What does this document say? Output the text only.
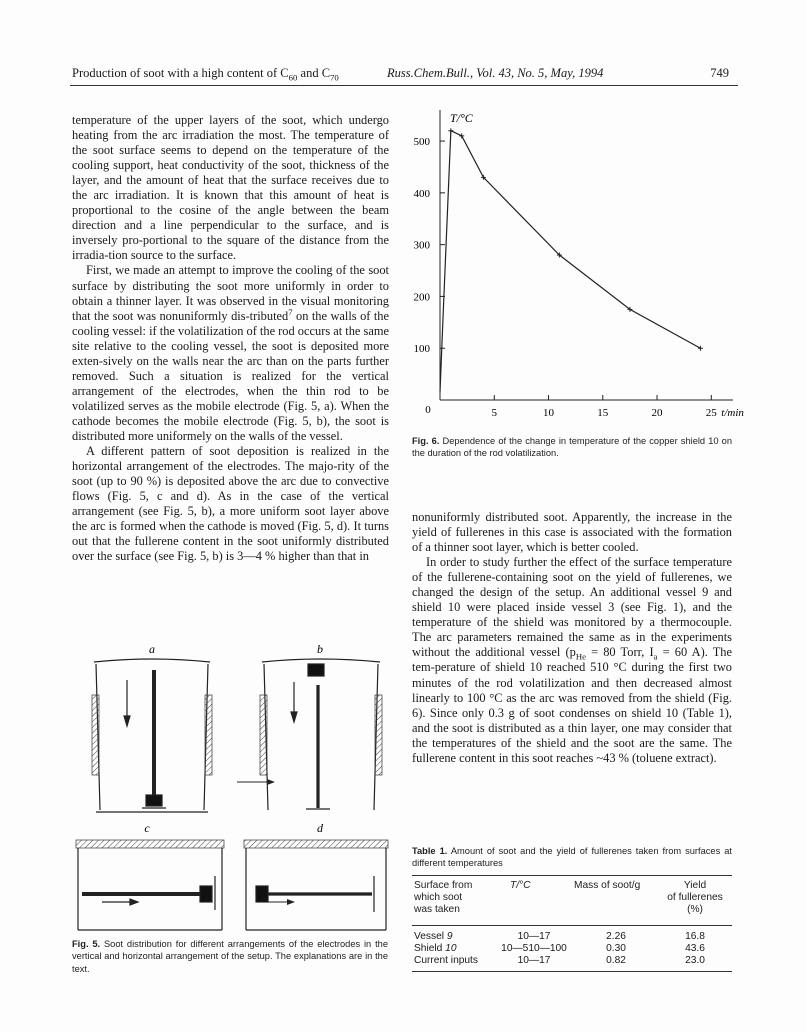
Production of soot with a high content of $C_{60}$ and $C_{70}$	Russ.Chem.Bull., Vol. 43, No. 5, May, 1994	749

temperature of the upper layers of the soot, which undergo heating from the arc irradiation the most. The temperature of the soot surface seems to depend on the temperature of the cooling support, heat conductivity of the soot, thickness of the layer, and the amount of heat that the surface receives due to the arc irradiation. It is known that this amount of heat is proportional to the cosine of the angle between the beam direction and a line perpendicular to the surface, and is inversely pro-portional to the square of the distance from the irradia-tion source to the surface.

First, we made an attempt to improve the cooling of the soot surface by distributing the soot more uniformly in order to obtain a thinner layer. It was observed in the visual monitoring that the soot was nonuniformly dis-tributed$^7$ on the walls of the cooling vessel: if the volatilization of the rod occurs at the same site relative to the cooling vessel, the soot is deposited more exten-sively on the walls near the arc than on the parts further removed. Such a situation is realized for the vertical arrangement of the electrodes, when the thin rod to be volatilized serves as the mobile electrode (Fig. 5, a). When the cathode becomes the mobile electrode (Fig. 5, b), the soot is distributed more uniformely on the walls of the vessel.

A different pattern of soot deposition is realized in the horizontal arrangement of the electrodes. The majo-rity of the soot (up to 90 %) is deposited above the arc due to convective flows (Fig. 5, c and d). As in the case of the vertical arrangement (see Fig. 5, b), a more uniform soot layer above the arc is formed when the cathode is moved (Fig. 5, d). It turns out that the fullerene content in the soot uniformly distributed over the surface (see Fig. 5, b) is 3—4 % higher than that in

a	b
c	d
Fig. 5. Soot distribution for different arrangements of the electrodes in the vertical and horizontal arrangement of the setup. The explanations are in the text.
T/°C
0
100
200
300
400
500
5	10	15	20	25 t/min
Fig. 6. Dependence of the change in temperature of the copper shield 10 on the duration of the rod volatilization.

nonuniformly distributed soot. Apparently, the increase in the yield of fullerenes in this case is associated with the formation of a thinner soot layer, which is better cooled.

In order to study further the effect of the surface temperature of the fullerene-containing soot on the yield of fullerenes, we changed the design of the setup. An additional vessel 9 and shield 10 were placed inside vessel 3 (see Fig. 1), and the temperature of the shield was monitored by a thermocouple. The arc parameters remained the same as in the experiments without the additional vessel ($p_{He} = 80$ Torr, $I_a = 60$ A). The tem-perature of shield 10 reached 510 °C during the first two minutes of the rod volatilization and then decreased almost linearly to 100 °C as the arc was removed from the shield (Fig. 6). Since only 0.3 g of soot condenses on shield 10 (Table 1), and the soot is distributed as a thin layer, one may consider that the temperatures of the shield and the soot are the same. The fullerene content in this soot reaches ~43 % (toluene extract).

Table 1. Amount of soot and the yield of fullerenes taken from surfaces at different temperatures
Surface from
which soot
was taken
T/°C	Mass of soot/g	Yield
of fullerenes
(%)
Vessel 9	10—17	2.26	16.8
Shield 10	10—510—100	0.30	43.6
Current inputs	10—17	0.82	23.0
